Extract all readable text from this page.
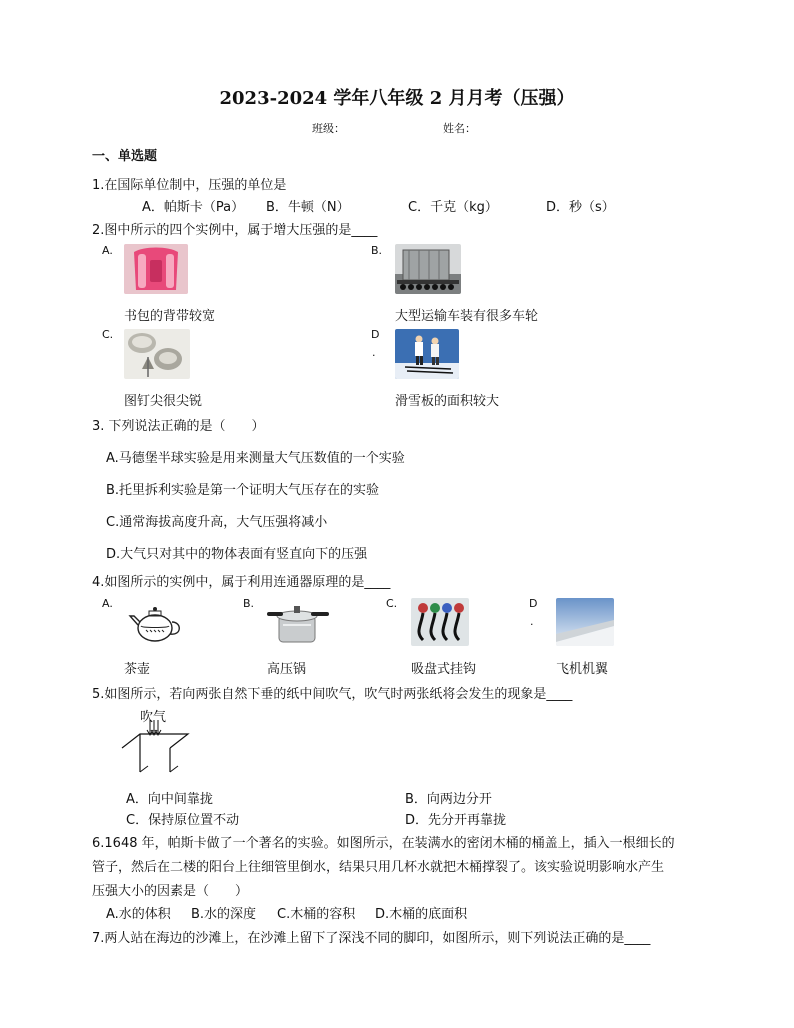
2023-2024 学年八年级 2 月月考（压强）
班级：	姓名：
一、单选题
1.在国际单位制中，压强的单位是
A．帕斯卡（Pa） B．牛顿（N）	C．千克（kg）	D．秒（s）
2.图中所示的四个实例中，属于增大压强的是____
A.	B.
C.	D
.
书包的背带较宽	大型运输车装有很多车轮
图钉尖很尖锐	滑雪板的面积较大
3. 下列说法正确的是（　　）
A.马德堡半球实验是用来测量大气压数值的一个实验
B.托里拆利实验是第一个证明大气压存在的实验
C.通常海拔高度升高，大气压强将减小
D.大气只对其中的物体表面有竖直向下的压强
4.如图所示的实例中，属于利用连通器原理的是____
A.	B.	C.	D
.
茶壶	高压锅	吸盘式挂钩	飞机机翼
5.如图所示，若向两张自然下垂的纸中间吹气，吹气时两张纸将会发生的现象是____
吹气
A．向中间靠拢	B．向两边分开
C．保持原位置不动	D．先分开再靠拢
6.1648 年，帕斯卡做了一个著名的实验。如图所示，在装满水的密闭木桶的桶盖上，插入一根细长的
管子，然后在二楼的阳台上往细管里倒水，结果只用几杯水就把木桶撑裂了。该实验说明影响水产生
压强大小的因素是（　　）
A.水的体积 B.水的深度 C.木桶的容积 D.木桶的底面积
7.两人站在海边的沙滩上，在沙滩上留下了深浅不同的脚印，如图所示，则下列说法正确的是____
